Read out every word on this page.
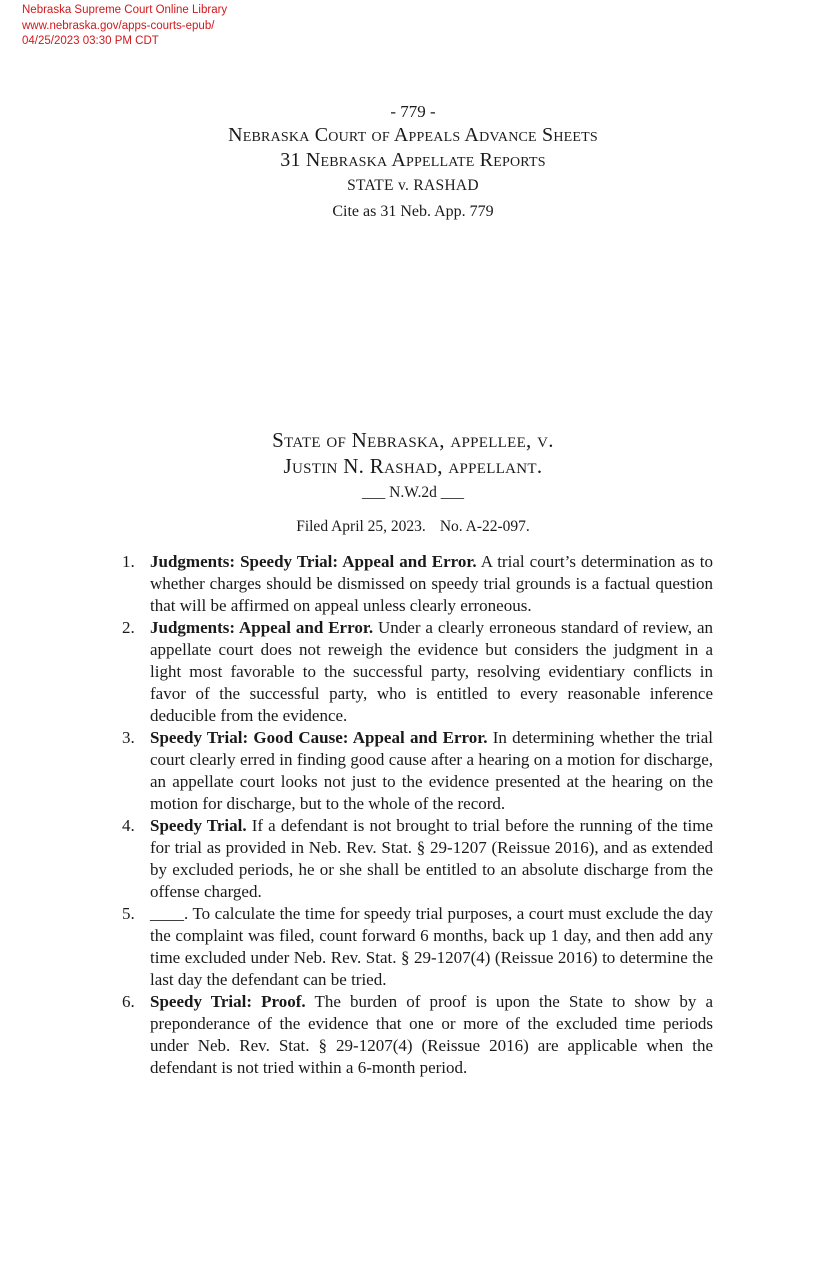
Nebraska Supreme Court Online Library
www.nebraska.gov/apps-courts-epub/
04/25/2023 03:30 PM CDT
- 779 -
Nebraska Court of Appeals Advance Sheets
31 Nebraska Appellate Reports
STATE v. RASHAD
Cite as 31 Neb. App. 779
State of Nebraska, appellee, v.
Justin N. Rashad, appellant.
___ N.W.2d ___
Filed April 25, 2023. No. A-22-097.
1. Judgments: Speedy Trial: Appeal and Error. A trial court’s determination as to whether charges should be dismissed on speedy trial grounds is a factual question that will be affirmed on appeal unless clearly erroneous.
2. Judgments: Appeal and Error. Under a clearly erroneous standard of review, an appellate court does not reweigh the evidence but considers the judgment in a light most favorable to the successful party, resolving evidentiary conflicts in favor of the successful party, who is entitled to every reasonable inference deducible from the evidence.
3. Speedy Trial: Good Cause: Appeal and Error. In determining whether the trial court clearly erred in finding good cause after a hearing on a motion for discharge, an appellate court looks not just to the evidence presented at the hearing on the motion for discharge, but to the whole of the record.
4. Speedy Trial. If a defendant is not brought to trial before the running of the time for trial as provided in Neb. Rev. Stat. § 29-1207 (Reissue 2016), and as extended by excluded periods, he or she shall be entitled to an absolute discharge from the offense charged.
5. ____. To calculate the time for speedy trial purposes, a court must exclude the day the complaint was filed, count forward 6 months, back up 1 day, and then add any time excluded under Neb. Rev. Stat. § 29-1207(4) (Reissue 2016) to determine the last day the defendant can be tried.
6. Speedy Trial: Proof. The burden of proof is upon the State to show by a preponderance of the evidence that one or more of the excluded time periods under Neb. Rev. Stat. § 29-1207(4) (Reissue 2016) are applicable when the defendant is not tried within a 6-month period.
